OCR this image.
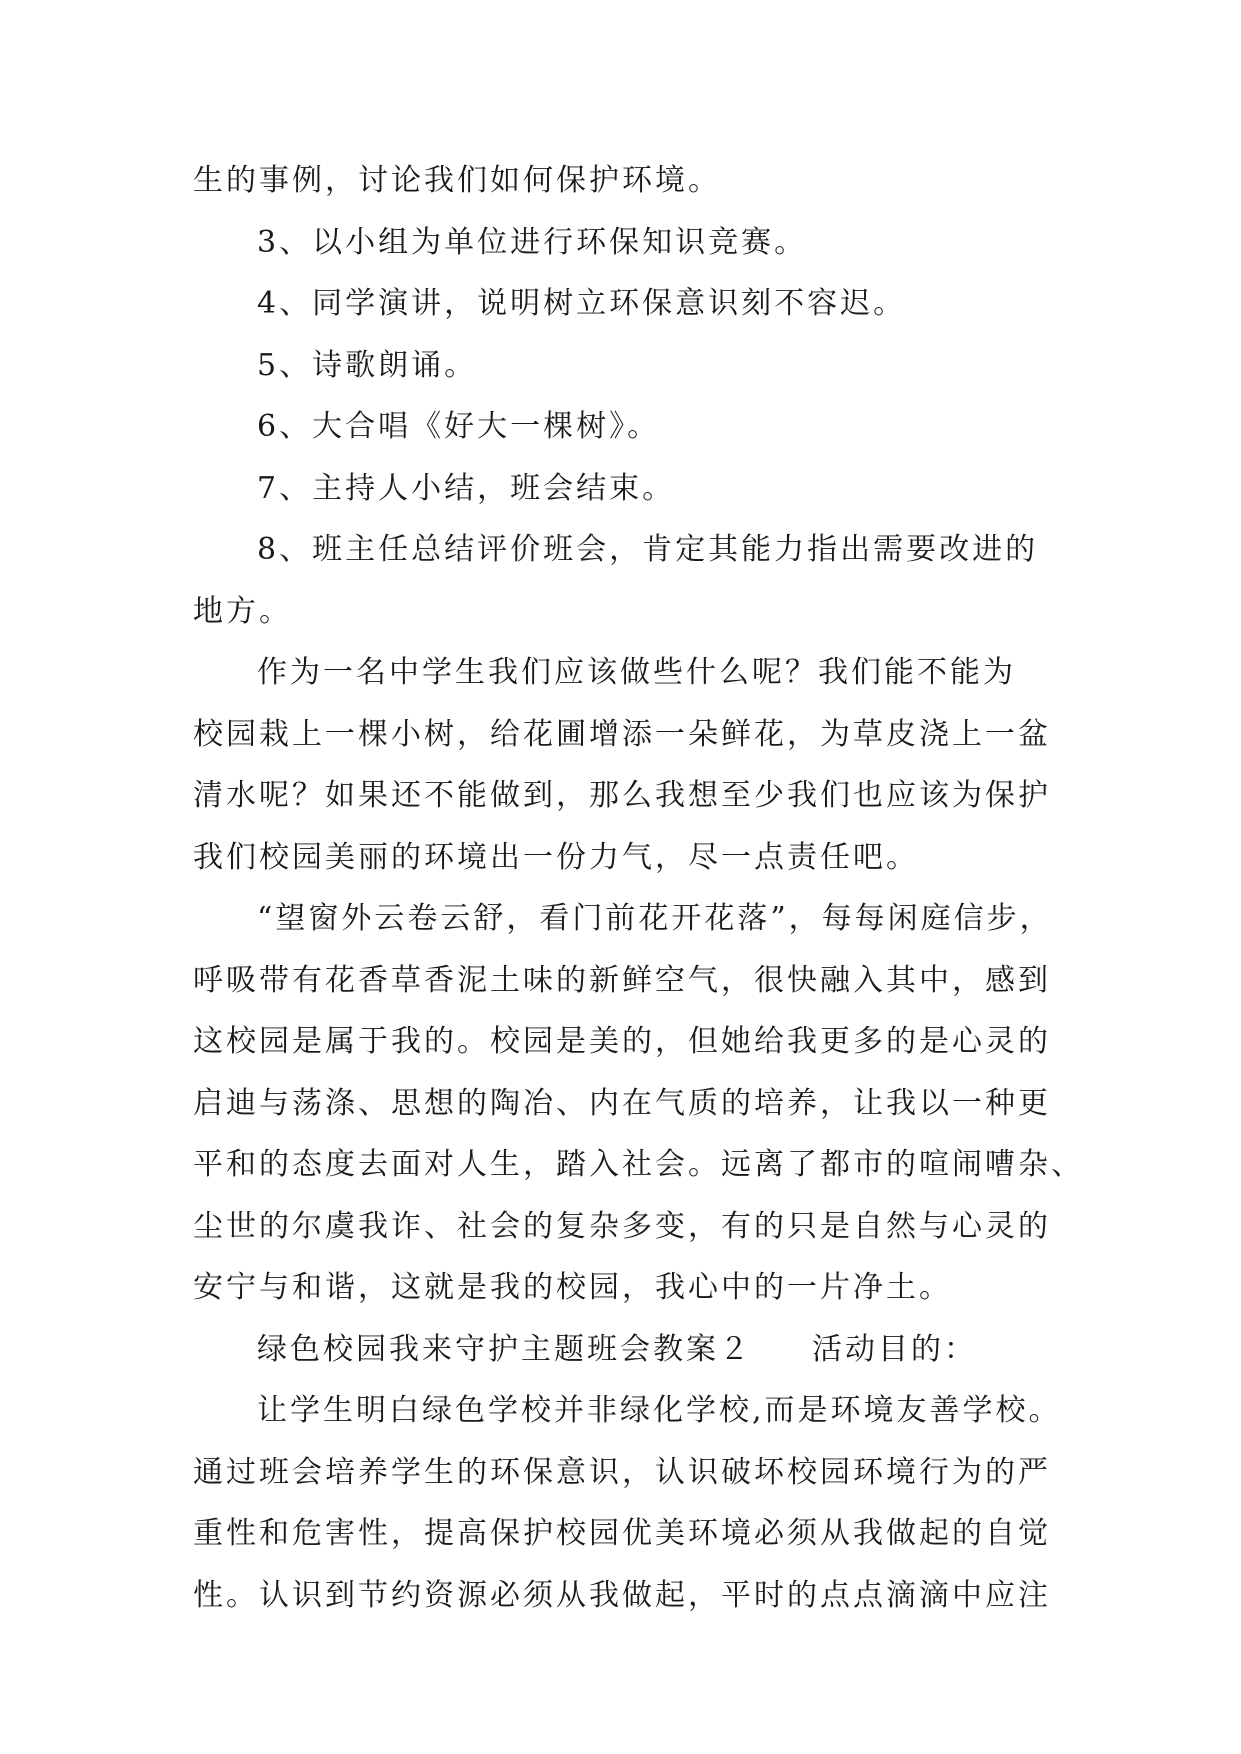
生的事例，讨论我们如何保护环境。
3、以小组为单位进行环保知识竞赛。
4、同学演讲，说明树立环保意识刻不容迟。
5、诗歌朗诵。
6、大合唱《好大一棵树》。
7、主持人小结，班会结束。
8、班主任总结评价班会，肯定其能力指出需要改进的
地方。
作为一名中学生我们应该做些什么呢？我们能不能为
校园栽上一棵小树，给花圃增添一朵鲜花，为草皮浇上一盆
清水呢？如果还不能做到，那么我想至少我们也应该为保护
我们校园美丽的环境出一份力气，尽一点责任吧。
“望窗外云卷云舒，看门前花开花落”，每每闲庭信步，
呼吸带有花香草香泥土味的新鲜空气，很快融入其中，感到
这校园是属于我的。校园是美的，但她给我更多的是心灵的
启迪与荡涤、思想的陶冶、内在气质的培养，让我以一种更
平和的态度去面对人生，踏入社会。远离了都市的喧闹嘈杂、
尘世的尔虞我诈、社会的复杂多变，有的只是自然与心灵的
安宁与和谐，这就是我的校园，我心中的一片净土。
绿色校园我来守护主题班会教案２ 活动目的：
让学生明白绿色学校并非绿化学校,而是环境友善学校。
通过班会培养学生的环保意识，认识破坏校园环境行为的严
重性和危害性，提高保护校园优美环境必须从我做起的自觉
性。认识到节约资源必须从我做起，平时的点点滴滴中应注
